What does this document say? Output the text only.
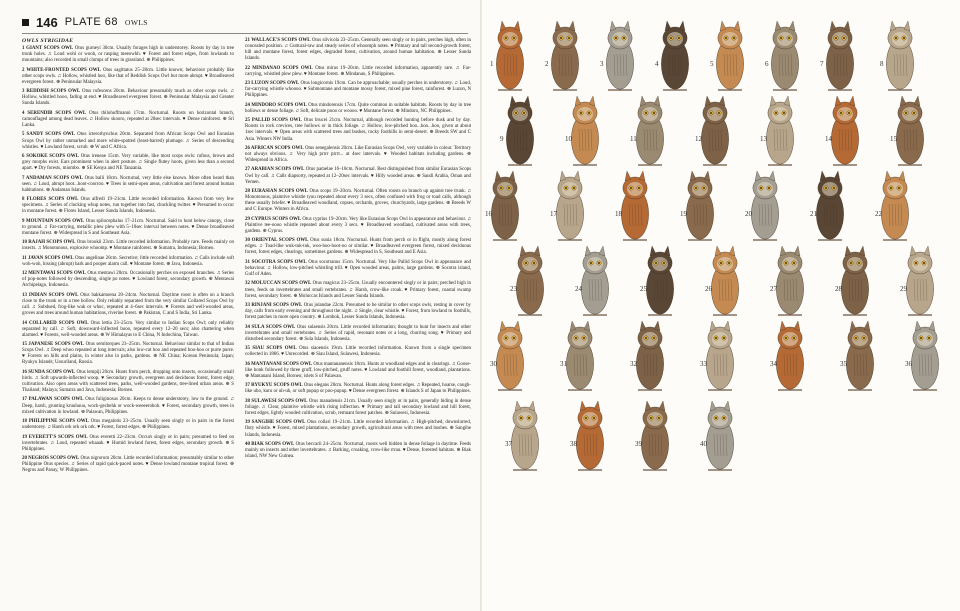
146 PLATE 68 OWLS
OWLS STRIGIDAE

1 GIANT SCOPS OWL Otus gurneyi 30cm. Usually forages high in understorey. Roosts by day in tree trunk holes. ♫ Loud wohl or wooh, or rasping meeowhh. ♥ Forest and forest edges, from lowlands to mountains; also recorded in small clumps of trees in grassland. ⊕ Philippines.

2 WHITE-FRONTED SCOPS OWL Otus sagittatus 25–28cm. Little known; behaviour probably like other scops owls. ♫ Hollow, whistled hoo, like that of Reddish Scops Owl but more abrupt. ♥ Broadleaved evergreen forest. ⊕ Peninsular Malaysia.

3 REDDISH SCOPS OWL Otus rufescens 20cm. Behaviour presumably much as other scops owls. ♫ Hollow, whistled hooo, fading at end. ♥ Broadleaved evergreen forest. ⊕ Peninsular Malaysia and Greater Sunda Islands.

4 SERENDIB SCOPS OWL Otus thilohoffmanni 17cm. Nocturnal. Roosts on horizontal branch, camouflaged among dead leaves. ♫ Hollow skooro, repeated at 20sec intervals. ♥ Dense rainforest. ⊕ Sri Lanka.

5 SANDY SCOPS OWL Otus icterorhynchus 20cm. Separated from African Scops Owl and Eurasian Scops Owl by rather unmarked and more white-spotted (least-barred) plumage. ♫ Series of descending whistles. ♥ Lowland forest, scrub. ⊕ W and C Africa.

6 SOKOKE SCOPS OWL Otus ireneae 15cm. Very variable, like most scops owls: rufous, brown and grey morphs exist. Ears prominent when in alert posture. ♫ Single flutey hoots, given less than a second apart. ♥ Dry forests, miombo. ⊕ SE Kenya and NE Tanzania.

7 ANDAMAN SCOPS OWL Otus balli 18cm. Nocturnal, very little else known. More often heard than seen. ♫ Loud, abrupt hoot...hoot-coorroo. ♥ Trees in semi-open areas, cultivation and forest around human habitations. ⊕ Andaman Islands.

8 FLORES SCOPS OWL Otus alfredi 19–21cm. Little recorded information. Known from very few specimens. ♫ Series of clucking whup notes, run together into fast, chuckling twitter. ♥ Presumed to occur in montane forest. ⊕ Flores Island, Lesser Sunda Islands, Indonesia.

9 MOUNTAIN SCOPS OWL Otus spilocephalus 17–21cm. Nocturnal. Said to hunt below canopy, close to ground. ♫ Far-carrying, metallic plew plew with 5–10sec interval between notes. ♥ Dense broadleaved montane forest. ⊕ Widespread in S and Southeast Asia.

10 RAJAH SCOPS OWL Otus brookii 23cm. Little recorded information. Probably rare. Feeds mainly on insects. ♫ Monotonous, explosive whoomp. ♥ Montane rainforest. ⊕ Sumatra, Indonesia; Borneo.

11 JAVAN SCOPS OWL Otus angelinae 20cm. Secretive; little recorded information. ♫ Calls include soft woh-woh, hissing (abrupt) bark and pooper alarm call. ♥ Montane forest. ⊕ Java, Indonesia.

12 MENTAWAI SCOPS OWL Otus mentawi 20cm. Occasionally perches on exposed branches. ♫ Series of pop-notes followed by descending, single po notes. ♥ Lowland forest, secondary growth. ⊕ Mentawai Archipelago, Indonesia.

13 INDIAN SCOPS OWL Otus bakkamoena 20–24cm. Nocturnal. Daytime roost is often on a branch close to the trunk or in a tree hollow. Only reliably separated from the very similar Collared Scops Owl by call. ♫ Subdued, frog-like wuk or whuc, repeated at 4–6sec intervals. ♥ Forests and well-wooded areas, groves and trees around human habitations, riverine forest. ⊕ Pakistan, C and S India, Sri Lanka.

14 COLLARED SCOPS OWL Otus lettia 23–25cm. Very similar to Indian Scops Owl; only reliably separated by call. ♫ Soft, downward-inflected buoo, repeated every 12–20 secs; also chattering when alarmed. ♥ Forests, well-wooded areas. ⊕ W Himalayas to E China, N Indochina, Taiwan.

15 JAPANESE SCOPS OWL Otus semitorques 23–25cm. Nocturnal. Behaviour similar to that of Indian Scops Owl. ♫ Deep whoo repeated at long intervals; also low-cut hoo and repeated hoo-hoo or purre purre. ♥ Forests on hills and plains, in winter also in parks, gardens. ⊕ NE China; Korean Peninsula; Japan; Ryukyu Islands; Ussuriland, Russia.

16 SUNDA SCOPS OWL Otus lempiji 20cm. Hunts from perch, dropping onto insects, occasionally small birds. ♫ Soft upwards-inflected woop. ♥ Secondary growth, evergreen and deciduous forest, forest edge, cultivation. Also open areas with scattered trees, parks, well-wooded gardens, tree-lined urban areas. ⊕ S Thailand; Malaya; Sumatra and Java, Indonesia; Borneo.

17 PALAWAN SCOPS OWL Otus fuliginosus 20cm. Keeps to dense understorey, low to the ground. ♫ Deep, harsh, grunting kruuhuuu, wock-gechehk or wock-weeeerohoh. ♥ Forest, secondary growth, trees in mixed cultivation in lowland. ⊕ Palawan, Philippines.

18 PHILIPPINE SCOPS OWL Otus megalotis 23–25cm. Usually seen singly or in pairs in the forest understorey. ♫ Harsh ork ork ork ork. ♥ Forest, forest edges. ⊕ Philippines.

19 EVERETT'S SCOPS OWL Otus everetti 22–23cm. Occurs singly or in pairs; presumed to feed on invertebrates. ♫ Loud, repeated whaaak. ♥ Humid lowland forest, forest edges, secondary growth. ⊕ S Philippines.

20 NEGROS SCOPS OWL Otus nigrorum 20cm. Little recorded information; presumably similar to other Philippine Otus species. ♫ Series of rapid quick-paced notes. ♥ Dense lowland montane tropical forest. ⊕ Negros and Panay, W Philippines.

21 WALLACE'S SCOPS OWL Otus silvicola 23–25cm. Generally seen singly or in pairs, perches high, often in concealed position. ♫ Guttural-raw and steady series of whoomph notes. ♥ Primary and tall second-growth forest, hill and montane forest, forest edges, degraded forest, cultivation, around human habitation. ⊕ Lesser Sunda Islands.

22 MINDANAO SCOPS OWL Otus mirus 19–20cm. Little recorded information, apparently rare. ♫ Far-carrying, whistled plew plew. ♥ Montane forest. ⊕ Mindanao, S Philippines.

23 LUZON SCOPS OWL Otus longicornis 19cm. Can be approachable; usually perches in understorey. ♫ Loud, far-carrying whistle whoooo. ♥ Submontane and montane mossy forest, mixed pine forest, rainforest. ⊕ Luzon, N Philippines.

24 MINDORO SCOPS OWL Otus mindorensis 17cm. Quite common in suitable habitats. Roosts by day in tree hollows or dense foliage. ♫ Soft, delicate pooo or woooo. ♥ Montane forest. ⊕ Mindoro, NC Philippines.

25 PALLID SCOPS OWL Otus brucei 21cm. Nocturnal, although recorded hunting before dusk and by day. Roosts in rock crevices, tree hollows or in thick foliage. ♫ Hollow, low-pitched hoo...hoo...hoo, given at about 1sec intervals. ♥ Open areas with scattered trees and bushes, rocky foothills in semi-desert. ⊕ Breeds SW and C Asia. Winters NW India.

26 AFRICAN SCOPS OWL Otus senegalensis 20cm. Like Eurasian Scops Owl, very variable in colour. Territory not always obvious. ♫ Very high prrrr prrrr... at 4sec intervals. ♥ Wooded habitats including gardens. ⊕ Widespread in Africa.

27 ARABIAN SCOPS OWL Otus pamelae 16–18cm. Nocturnal. Best distinguished from similar Eurasian Scops Owl by call. ♫ Calls diapsorty, repeated at 12–20sec intervals. ♥ Hilly wooded areas. ⊕ Saudi Arabia, Oman and Yemen.

28 EURASIAN SCOPS OWL Otus scops 19–20cm. Nocturnal. Often roosts on branch up against tree trunk. ♫ Monotonous, plaintive whistle tyuu repeated about every 3 secs, often confused with frog or toad calls, although these usually briefer. ♥ Broadleaved woodland, copses, orchards, groves, churchyards, large gardens. ⊕ Breeds W and C Europe. Winters in Africa.

29 CYPRUS SCOPS OWL Otus cyprius 19–20cm. Very like Eurasian Scops Owl in appearance and behaviour. ♫ Plaintive tee-oooo whistle repeated about every 3 secs. ♥ Broadleaved woodland, cultivated areas with trees, gardens. ⊕ Cyprus.

30 ORIENTAL SCOPS OWL Otus sunia 18cm. Nocturnal. Hunts from perch or in flight, mostly along forest edges. ♫ Toad-like wuk-tuk-tuk, woo-hoo-hoot-oo or similar. ♥ Broadleaved evergreen forest, mixed deciduous forest, forest edges, clearings, sometimes gardens. ⊕ Widespread in S, Southeast and E Asia.

31 SOCOTRA SCOPS OWL Otus socotranus 15cm. Nocturnal. Very like Pallid Scops Owl in appearance and behaviour. ♫ Hollow, low-pitched whistling trill. ♥ Open wooded areas, palms, large gardens. ⊕ Socotra island, Gulf of Aden.

32 MOLUCCAN SCOPS OWL Otus magicus 23–25cm. Usually encountered singly or in pairs; perched high in trees, feeds on invertebrates and small vertebrates. ♫ Harsh, crow-like croak. ♥ Primary forest, coastal swamp forest, secondary forest. ⊕ Moluccas Islands and Lesser Sunda Islands.

33 RINJANI SCOPS OWL Otus jolandae 22cm. Presumed to be similar to other scops owls, resting in cover by day, calls from early evening and throughout the night. ♫ Single, clear whistle. ♥ Forest, from lowland to foothills, forest patches in more open country. ⊕ Lombok, Lesser Sunda Islands, Indonesia.

34 SULA SCOPS OWL Otus sulaensis 20cm. Little recorded information; thought to hunt for insects and other invertebrates and small vertebrates. ♫ Series of rapid, resonant notes or a long, churring song. ♥ Primary and disturbed secondary forest. ⊕ Sula Islands, Indonesia.

35 SIAU SCOPS OWL Otus siaoensis 19cm. Little recorded information. Known from a single specimen collected in 1866. ♥ Unrecorded. ⊕ Siau Island, Sulawesi, Indonesia.

36 MANTANANI SCOPS OWL Otus mantananensis 18cm. Hunts at woodland edges and in clearings. ♫ Goose-like honk followed by three gruff, low-pitched, gruff notes. ♥ Lowland and foothill forest, woodland, plantations. ⊕ Mantanani Island, Borneo; islets S of Palawan.

37 RYUKYU SCOPS OWL Otus elegans 20cm. Nocturnal. Hunts along forest edges. ♫ Repeated, hoarse, cough-like uho, kuru or uh-uh, or soft pupup or poo-pupup. ♥ Dense evergreen forest. ⊕ Islands S of Japan to Philippines.

38 SULAWESI SCOPS OWL Otus manadensis 21cm. Usually seen singly or in pairs, generally hiding in dense foliage. ♫ Clear, plaintive whistle with rising inflection. ♥ Primary and tall secondary lowland and hill forest, forest edges, lightly wooded cultivation, scrub, remnant forest patches. ⊕ Sulawesi, Indonesia.

39 SANGIHE SCOPS OWL Otus collari 19–21cm. Little recorded information. ♫ High-pitched, downslurred, fluty whistle. ♥ Forest, mixed plantations, secondary growth, agricultural areas with trees and bushes. ⊕ Sangihe Islands, Indonesia.

40 BIAK SCOPS OWL Otus beccarii 24–25cm. Nocturnal, roosts well hidden in dense foliage in daytime. Feeds mainly on insects and other invertebrates. ♫ Barking, croaking, crow-like rrrau. ♥ Dense, forested habitats. ⊕ Biak island, NW New Guinea.

1	2	3	4	5	6	7	8
9	10	11	12	13	14	15
16	17	18	19	20	21	22
23	24	25	26	27	28	29
30	31	32	33	34	35	36
37	38	39	40
